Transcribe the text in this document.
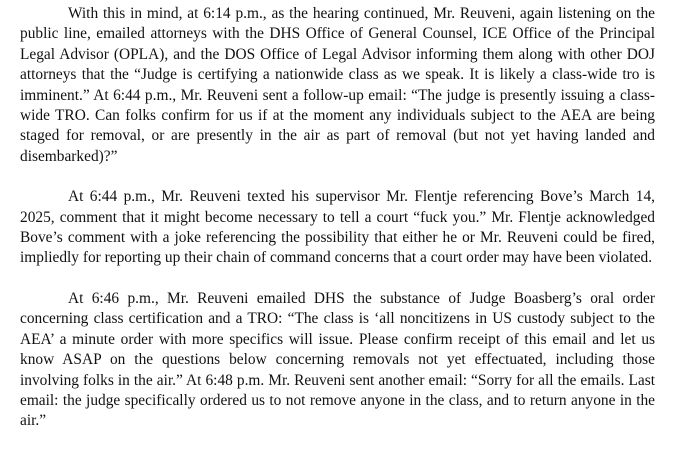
With this in mind, at 6:14 p.m., as the hearing continued, Mr. Reuveni, again listening on the public line, emailed attorneys with the DHS Office of General Counsel, ICE Office of the Principal Legal Advisor (OPLA), and the DOS Office of Legal Advisor informing them along with other DOJ attorneys that the “Judge is certifying a nationwide class as we speak. It is likely a class-wide tro is imminent.” At 6:44 p.m., Mr. Reuveni sent a follow-up email: “The judge is presently issuing a class-wide TRO. Can folks confirm for us if at the moment any individuals subject to the AEA are being staged for removal, or are presently in the air as part of removal (but not yet having landed and disembarked)?”

At 6:44 p.m., Mr. Reuveni texted his supervisor Mr. Flentje referencing Bove’s March 14, 2025, comment that it might become necessary to tell a court “fuck you.” Mr. Flentje acknowledged Bove’s comment with a joke referencing the possibility that either he or Mr. Reuveni could be fired, impliedly for reporting up their chain of command concerns that a court order may have been violated.

At 6:46 p.m., Mr. Reuveni emailed DHS the substance of Judge Boasberg’s oral order concerning class certification and a TRO: “The class is ‘all noncitizens in US custody subject to the AEA’ a minute order with more specifics will issue. Please confirm receipt of this email and let us know ASAP on the questions below concerning removals not yet effectuated, including those involving folks in the air.” At 6:48 p.m. Mr. Reuveni sent another email: “Sorry for all the emails. Last email: the judge specifically ordered us to not remove anyone in the class, and to return anyone in the air.”
